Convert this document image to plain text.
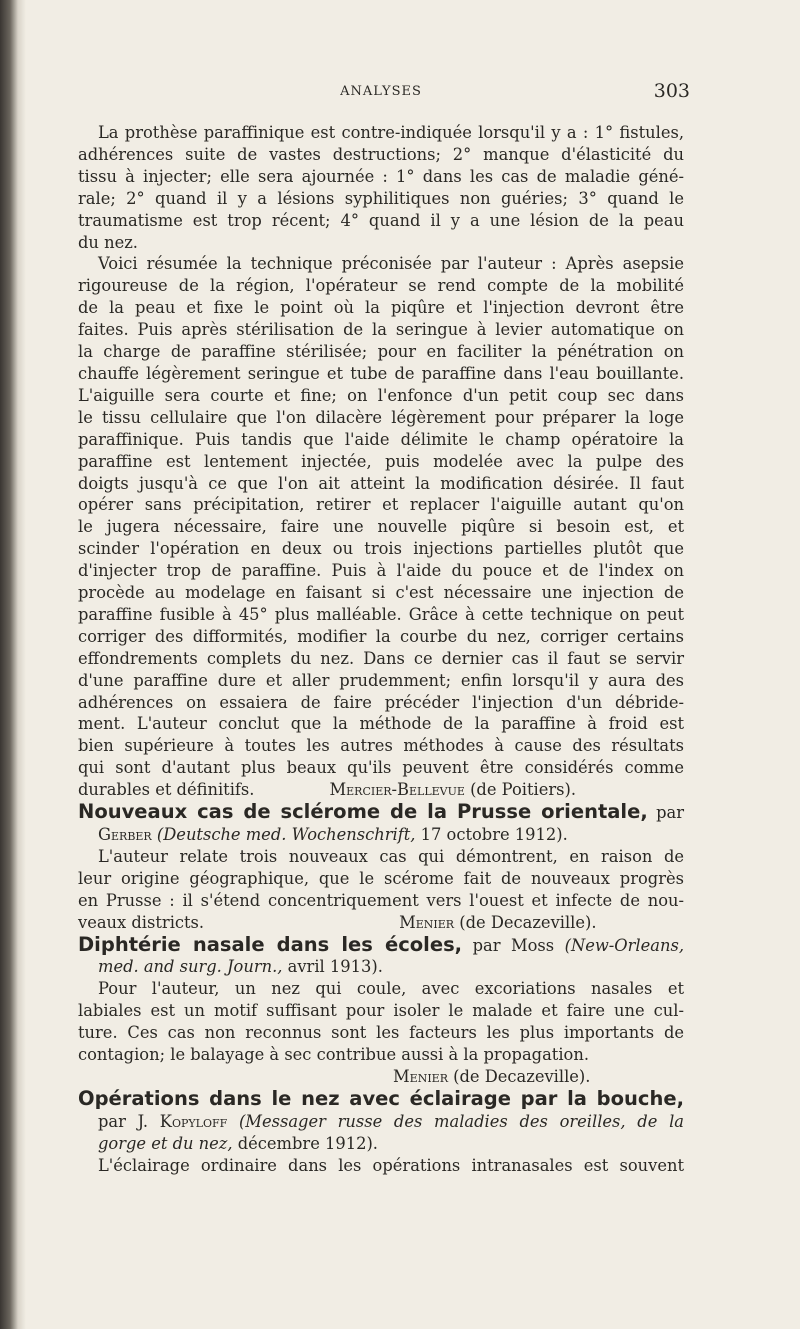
ANALYSES	303
La prothèse paraffinique est contre-indiquée lorsqu'il y a : 1° fistules,
adhérences suite de vastes destructions; 2° manque d'élasticité du
tissu à injecter; elle sera ajournée : 1° dans les cas de maladie géné-
rale; 2° quand il y a lésions syphilitiques non guéries; 3° quand le
traumatisme est trop récent; 4° quand il y a une lésion de la peau
du nez.
Voici résumée la technique préconisée par l'auteur : Après asepsie
rigoureuse de la région, l'opérateur se rend compte de la mobilité
de la peau et fixe le point où la piqûre et l'injection devront être
faites. Puis après stérilisation de la seringue à levier automatique on
la charge de paraffine stérilisée; pour en faciliter la pénétration on
chauffe légèrement seringue et tube de paraffine dans l'eau bouillante.
L'aiguille sera courte et fine; on l'enfonce d'un petit coup sec dans
le tissu cellulaire que l'on dilacère légèrement pour préparer la loge
paraffinique. Puis tandis que l'aide délimite le champ opératoire la
paraffine est lentement injectée, puis modelée avec la pulpe des
doigts jusqu'à ce que l'on ait atteint la modification désirée. Il faut
opérer sans précipitation, retirer et replacer l'aiguille autant qu'on
le jugera nécessaire, faire une nouvelle piqûre si besoin est, et
scinder l'opération en deux ou trois injections partielles plutôt que
d'injecter trop de paraffine. Puis à l'aide du pouce et de l'index on
procède au modelage en faisant si c'est nécessaire une injection de
paraffine fusible à 45° plus malléable. Grâce à cette technique on peut
corriger des difformités, modifier la courbe du nez, corriger certains
effondrements complets du nez. Dans ce dernier cas il faut se servir
d'une paraffine dure et aller prudemment; enfin lorsqu'il y aura des
adhérences on essaiera de faire précéder l'injection d'un débride-
ment. L'auteur conclut que la méthode de la paraffine à froid est
bien supérieure à toutes les autres méthodes à cause des résultats
qui sont d'autant plus beaux qu'ils peuvent être considérés comme
durables et définitifs.	Mercier-Bellevue (de Poitiers).
Nouveaux cas de sclérome de la Prusse orientale, par
Gerber (Deutsche med. Wochenschrift, 17 octobre 1912).
L'auteur relate trois nouveaux cas qui démontrent, en raison de
leur origine géographique, que le scérome fait de nouveaux progrès
en Prusse : il s'étend concentriquement vers l'ouest et infecte de nou-
veaux districts.	Menier (de Decazeville).
Diphtérie nasale dans les écoles, par Moss (New-Orleans,
med. and surg. Journ., avril 1913).
Pour l'auteur, un nez qui coule, avec excoriations nasales et
labiales est un motif suffisant pour isoler le malade et faire une cul-
ture. Ces cas non reconnus sont les facteurs les plus importants de
contagion; le balayage à sec contribue aussi à la propagation.
Menier (de Decazeville).
Opérations dans le nez avec éclairage par la bouche,
par J. Kopyloff (Messager russe des maladies des oreilles, de la
gorge et du nez, décembre 1912).
L'éclairage ordinaire dans les opérations intranasales est souvent
